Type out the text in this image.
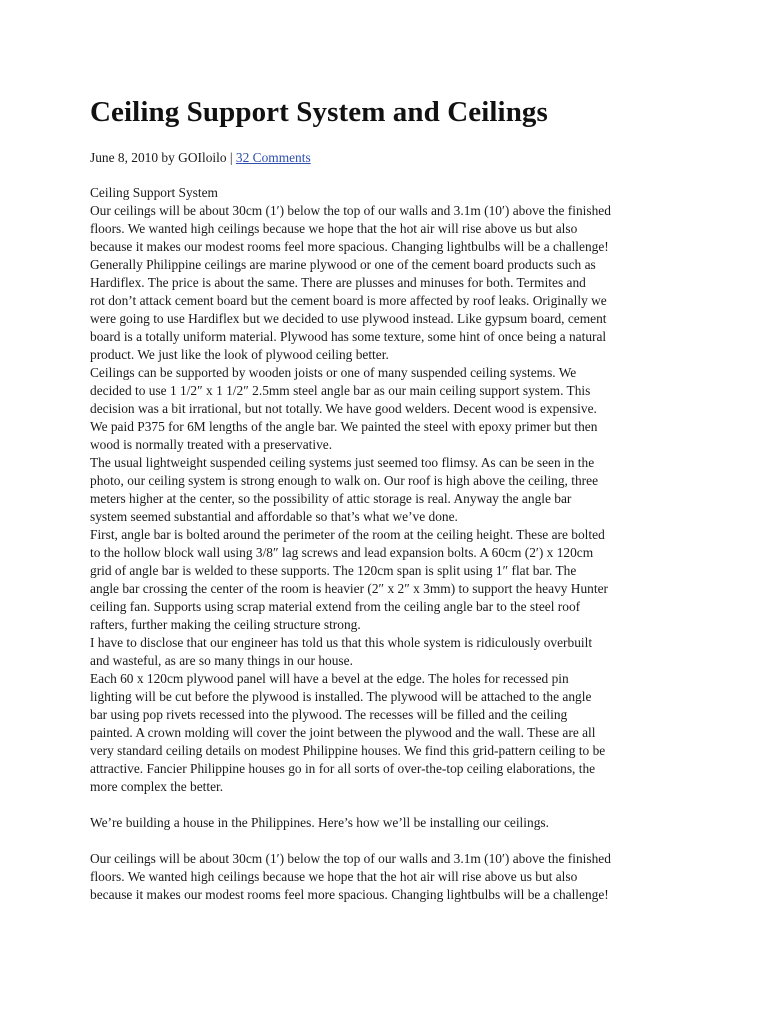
Ceiling Support System and Ceilings
June 8, 2010 by GOIloilo | 32 Comments

Ceiling Support System

Our ceilings will be about 30cm (1′) below the top of our walls and 3.1m (10′) above the finished
floors. We wanted high ceilings because we hope that the hot air will rise above us but also
because it makes our modest rooms feel more spacious. Changing lightbulbs will be a challenge!

Generally Philippine ceilings are marine plywood or one of the cement board products such as
Hardiflex. The price is about the same. There are plusses and minuses for both. Termites and
rot don’t attack cement board but the cement board is more affected by roof leaks. Originally we
were going to use Hardiflex but we decided to use plywood instead. Like gypsum board, cement
board is a totally uniform material. Plywood has some texture, some hint of once being a natural
product. We just like the look of plywood ceiling better.

Ceilings can be supported by wooden joists or one of many suspended ceiling systems. We
decided to use 1 1/2″ x 1 1/2″ 2.5mm steel angle bar as our main ceiling support system. This
decision was a bit irrational, but not totally. We have good welders. Decent wood is expensive.
We paid P375 for 6M lengths of the angle bar. We painted the steel with epoxy primer but then
wood is normally treated with a preservative.

The usual lightweight suspended ceiling systems just seemed too flimsy. As can be seen in the
photo, our ceiling system is strong enough to walk on. Our roof is high above the ceiling, three
meters higher at the center, so the possibility of attic storage is real. Anyway the angle bar
system seemed substantial and affordable so that’s what we’ve done.

First, angle bar is bolted around the perimeter of the room at the ceiling height. These are bolted
to the hollow block wall using 3/8″ lag screws and lead expansion bolts. A 60cm (2′) x 120cm
grid of angle bar is welded to these supports. The 120cm span is split using 1″ flat bar. The
angle bar crossing the center of the room is heavier (2″ x 2″ x 3mm) to support the heavy Hunter
ceiling fan. Supports using scrap material extend from the ceiling angle bar to the steel roof
rafters, further making the ceiling structure strong.

I have to disclose that our engineer has told us that this whole system is ridiculously overbuilt
and wasteful, as are so many things in our house.

Each 60 x 120cm plywood panel will have a bevel at the edge. The holes for recessed pin
lighting will be cut before the plywood is installed. The plywood will be attached to the angle
bar using pop rivets recessed into the plywood. The recesses will be filled and the ceiling
painted. A crown molding will cover the joint between the plywood and the wall. These are all
very standard ceiling details on modest Philippine houses. We find this grid-pattern ceiling to be
attractive. Fancier Philippine houses go in for all sorts of over-the-top ceiling elaborations, the
more complex the better.

We’re building a house in the Philippines. Here’s how we’ll be installing our ceilings.

Our ceilings will be about 30cm (1′) below the top of our walls and 3.1m (10′) above the finished
floors. We wanted high ceilings because we hope that the hot air will rise above us but also
because it makes our modest rooms feel more spacious. Changing lightbulbs will be a challenge!
